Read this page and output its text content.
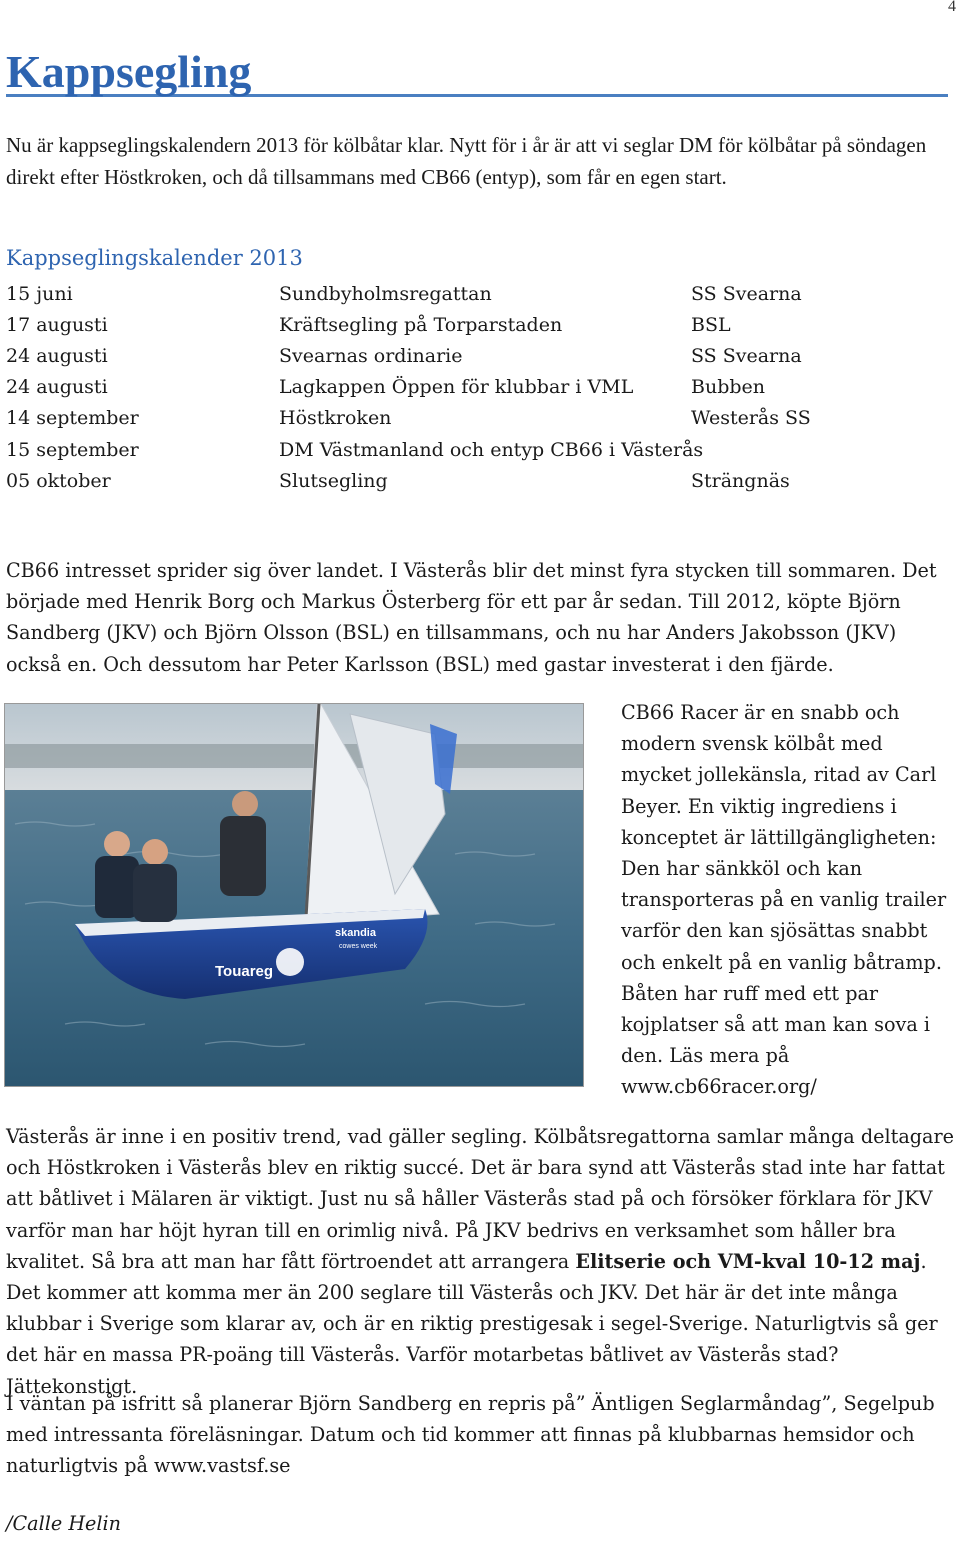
4
Kappsegling

Nu är kappseglingskalendern 2013 för kölbåtar klar. Nytt för i år är att vi seglar DM för kölbåtar på söndagen direkt efter Höstkroken, och då tillsammans med CB66 (entyp), som får en egen start.

Kappseglingskalender 2013
15 juni	Sundbyholmsregattan	SS Svearna
17 augusti	Kräftsegling på Torparstaden	BSL
24 augusti	Svearnas ordinarie	SS Svearna
24 augusti	Lagkappen Öppen för klubbar i VML	Bubben
14 september	Höstkroken	Westerås SS
15 september	DM Västmanland och entyp CB66 i Västerås
05 oktober	Slutsegling	Strängnäs

CB66 intresset sprider sig över landet. I Västerås blir det minst fyra stycken till sommaren. Det började med Henrik Borg och Markus Österberg för ett par år sedan. Till 2012, köpte Björn Sandberg (JKV) och Björn Olsson (BSL) en tillsammans, och nu har Anders Jakobsson (JKV) också en. Och dessutom har Peter Karlsson (BSL) med gastar investerat i den fjärde.

Touareg
skandia
cowes week

CB66 Racer är en snabb och modern svensk kölbåt med mycket jollekänsla, ritad av Carl Beyer. En viktig ingrediens i konceptet är lättillgängligheten: Den har sänkköl och kan transporteras på en vanlig trailer varför den kan sjösättas snabbt och enkelt på en vanlig båtramp. Båten har ruff med ett par kojplatser så att man kan sova i den. Läs mera på www.cb66racer.org/

Västerås är inne i en positiv trend, vad gäller segling. Kölbåtsregattorna samlar många deltagare och Höstkroken i Västerås blev en riktig succé. Det är bara synd att Västerås stad inte har fattat att båtlivet i Mälaren är viktigt. Just nu så håller Västerås stad på och försöker förklara för JKV varför man har höjt hyran till en orimlig nivå. På JKV bedrivs en verksamhet som håller bra kvalitet. Så bra att man har fått förtroendet att arrangera Elitserie och VM-kval 10-12 maj. Det kommer att komma mer än 200 seglare till Västerås och JKV. Det här är det inte många klubbar i Sverige som klarar av, och är en riktig prestigesak i segel-Sverige. Naturligtvis så ger det här en massa PR-poäng till Västerås. Varför motarbetas båtlivet av Västerås stad? Jättekonstigt.

I väntan på isfritt så planerar Björn Sandberg en repris på” Äntligen Seglarmåndag”, Segelpub med intressanta föreläsningar. Datum och tid kommer att finnas på klubbarnas hemsidor och naturligtvis på www.vastsf.se

/Calle Helin
